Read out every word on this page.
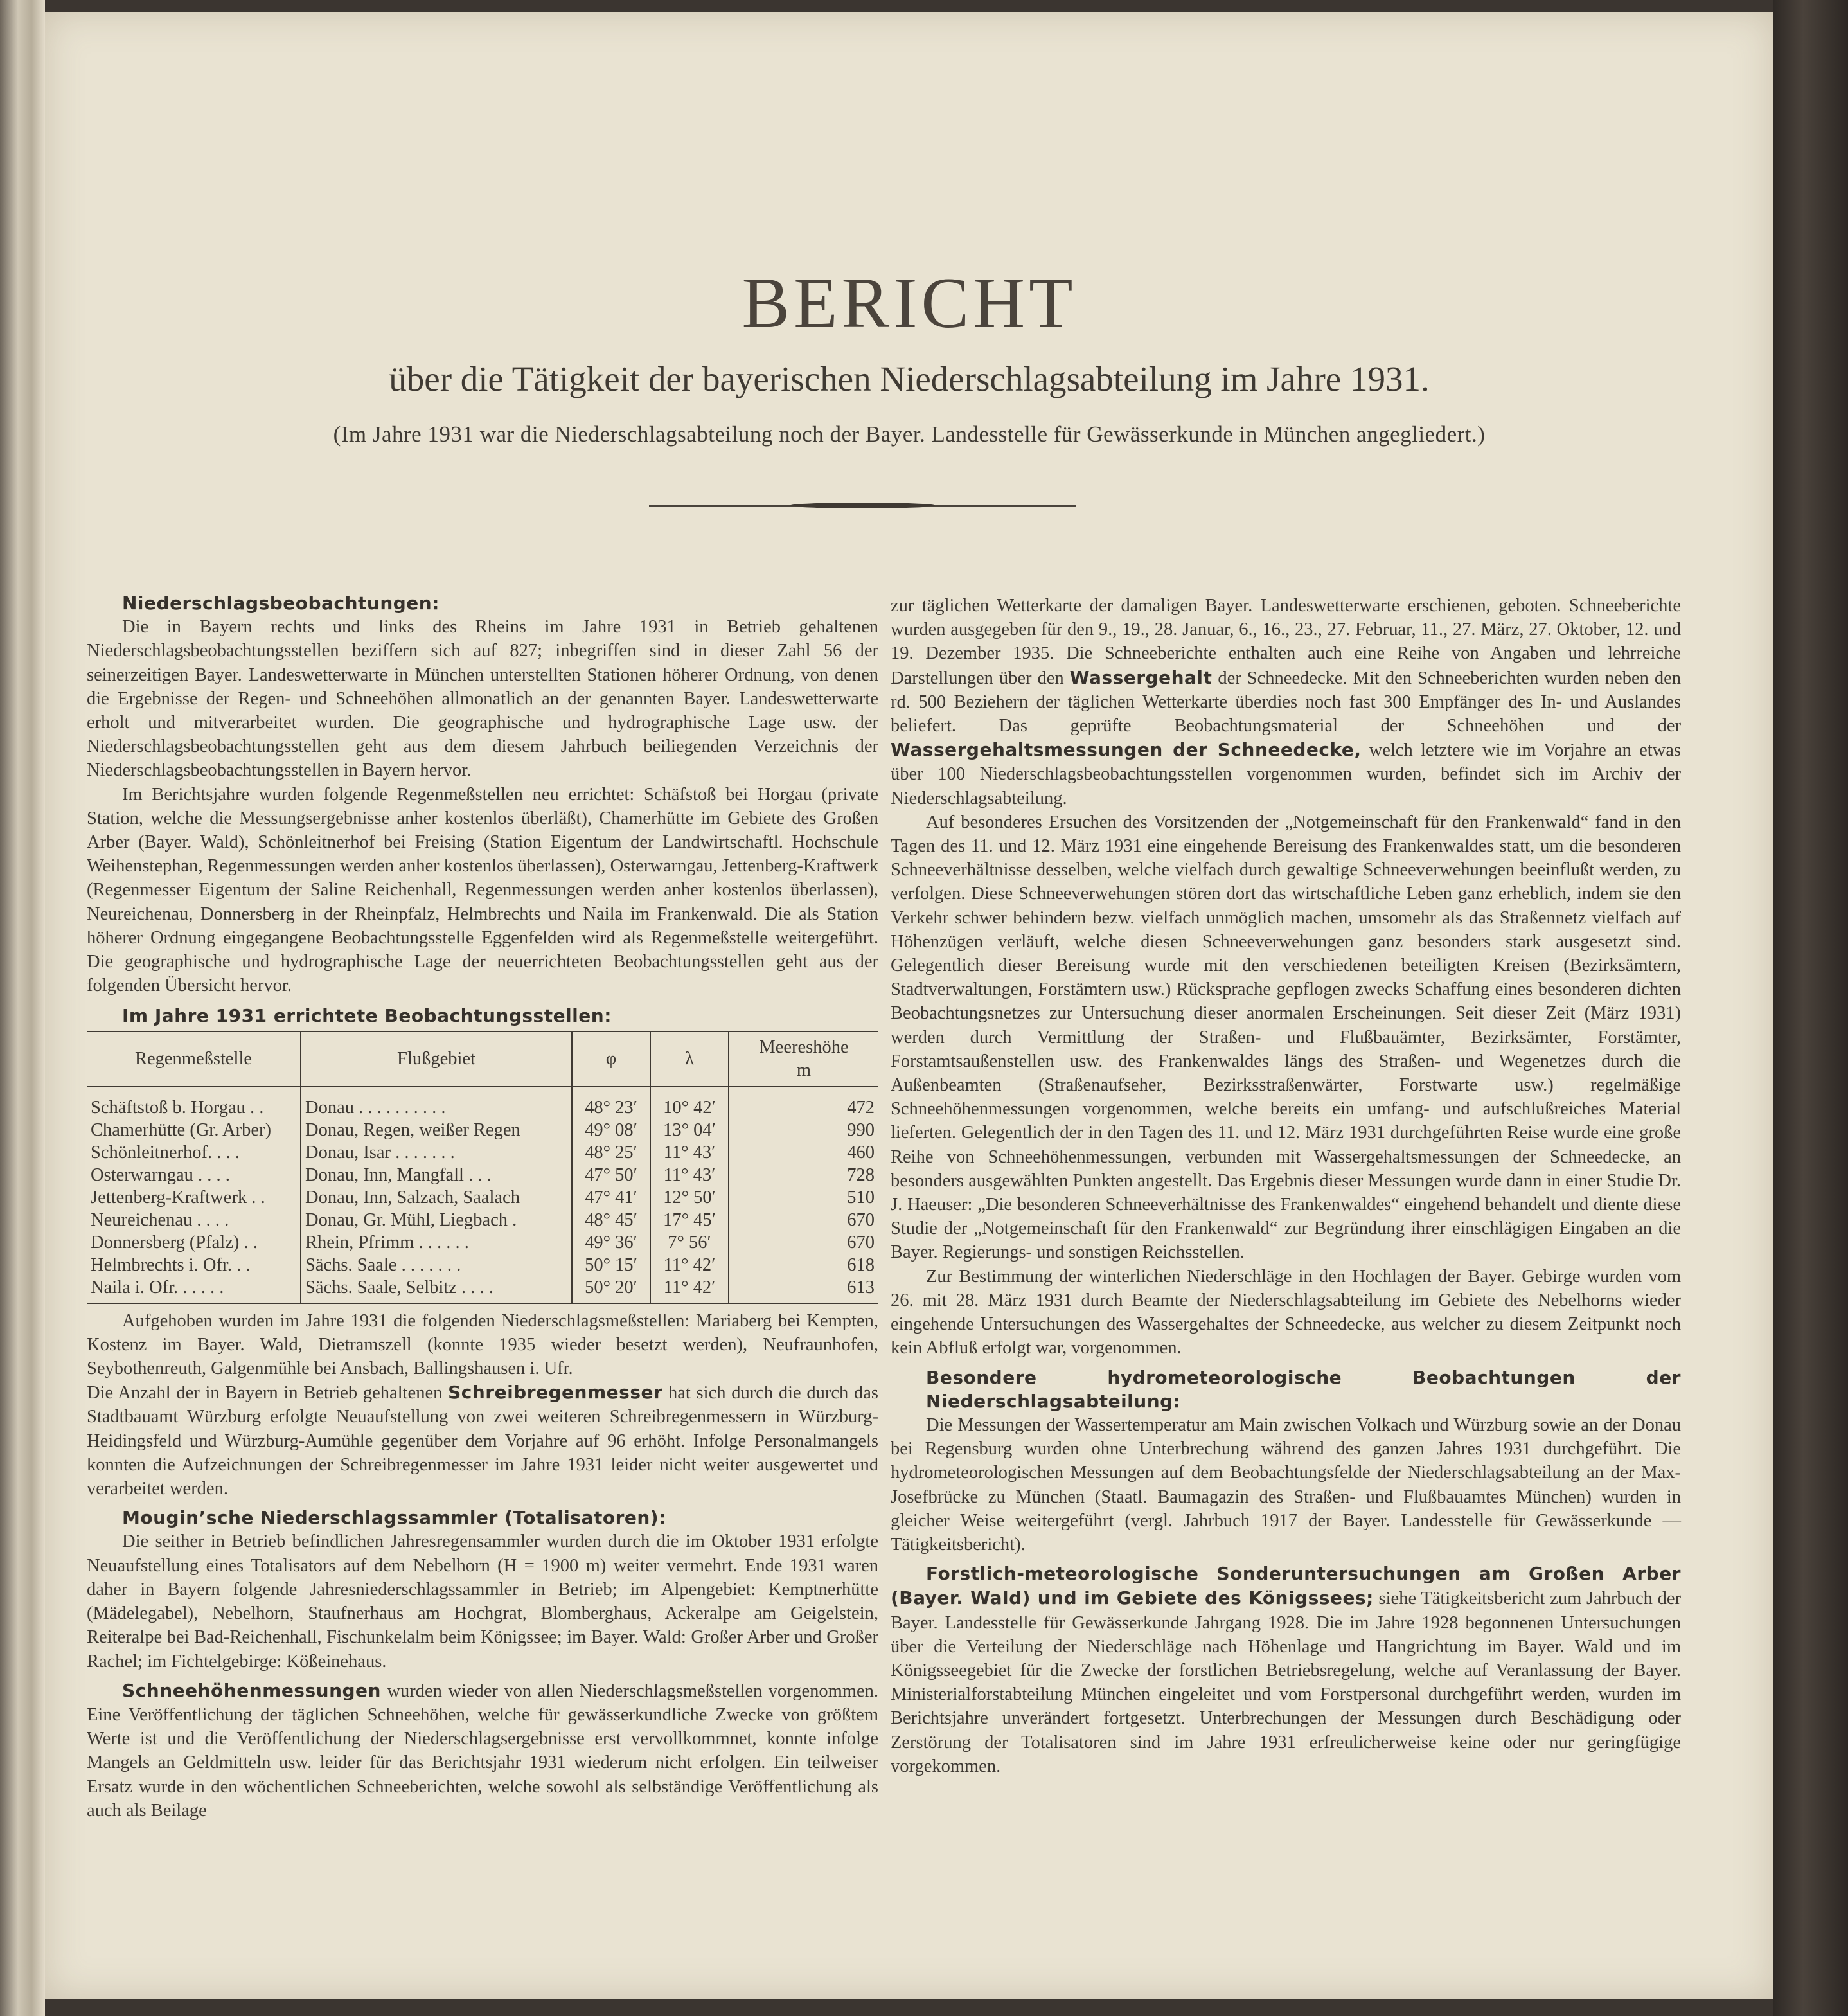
BERICHT
über die Tätigkeit der bayerischen Niederschlagsabteilung im Jahre 1931.
(Im Jahre 1931 war die Niederschlagsabteilung noch der Bayer. Landesstelle für Gewässerkunde in München angegliedert.)
Niederschlagsbeobachtungen:

Die in Bayern rechts und links des Rheins im Jahre 1931 in Betrieb gehaltenen Niederschlagsbeobachtungsstellen beziffern sich auf 827; inbegriffen sind in dieser Zahl 56 der seinerzeitigen Bayer. Landeswetterwarte in München unterstellten Stationen höherer Ordnung, von denen die Ergebnisse der Regen- und Schneehöhen allmonatlich an der genannten Bayer. Landeswetterwarte erholt und mitverarbeitet wurden. Die geographische und hydrographische Lage usw. der Niederschlagsbeobachtungsstellen geht aus dem diesem Jahrbuch beiliegenden Verzeichnis der Niederschlagsbeobachtungsstellen in Bayern hervor.

Im Berichtsjahre wurden folgende Regenmeßstellen neu errichtet: Schäfstoß bei Horgau (private Station, welche die Messungsergebnisse anher kostenlos überläßt), Chamerhütte im Gebiete des Großen Arber (Bayer. Wald), Schönleitnerhof bei Freising (Station Eigentum der Landwirtschaftl. Hochschule Weihenstephan, Regenmessungen werden anher kostenlos überlassen), Osterwarngau, Jettenberg-Kraftwerk (Regenmesser Eigentum der Saline Reichenhall, Regenmessungen werden anher kostenlos überlassen), Neureichenau, Donnersberg in der Rheinpfalz, Helmbrechts und Naila im Frankenwald. Die als Station höherer Ordnung eingegangene Beobachtungsstelle Eggenfelden wird als Regenmeßstelle weitergeführt. Die geographische und hydrographische Lage der neuerrichteten Beobachtungsstellen geht aus der folgenden Übersicht hervor.

Im Jahre 1931 errichtete Beobachtungsstellen:
Regenmeßstelle	Flußgebiet	φ	λ	Meereshöhe
m
Schäftstoß b. Horgau . .	Donau . . . . . . . . . .	48° 23′	10° 42′	472
Chamerhütte (Gr. Arber)	Donau, Regen, weißer Regen	49° 08′	13° 04′	990
Schönleitnerhof. . . .	Donau, Isar . . . . . . .	48° 25′	11° 43′	460
Osterwarngau . . . .	Donau, Inn, Mangfall . . .	47° 50′	11° 43′	728
Jettenberg-Kraftwerk . .	Donau, Inn, Salzach, Saalach	47° 41′	12° 50′	510
Neureichenau . . . .	Donau, Gr. Mühl, Liegbach .	48° 45′	17° 45′	670
Donnersberg (Pfalz) . .	Rhein, Pfrimm . . . . . .	49° 36′	7° 56′	670
Helmbrechts i. Ofr. . .	Sächs. Saale . . . . . . .	50° 15′	11° 42′	618
Naila i. Ofr. . . . . .	Sächs. Saale, Selbitz . . . .	50° 20′	11° 42′	613

Aufgehoben wurden im Jahre 1931 die folgenden Niederschlagsmeßstellen: Mariaberg bei Kempten, Kostenz im Bayer. Wald, Dietramszell (konnte 1935 wieder besetzt werden), Neufraunhofen, Seybothenreuth, Galgenmühle bei Ansbach, Ballingshausen i. Ufr.

Die Anzahl der in Bayern in Betrieb gehaltenen Schreibregenmesser hat sich durch die durch das Stadtbauamt Würzburg erfolgte Neuaufstellung von zwei weiteren Schreibregenmessern in Würzburg-Heidingsfeld und Würzburg-Aumühle gegenüber dem Vorjahre auf 96 erhöht. Infolge Personalmangels konnten die Aufzeichnungen der Schreibregenmesser im Jahre 1931 leider nicht weiter ausgewertet und verarbeitet werden.

Mougin’sche Niederschlagssammler (Totalisatoren):

Die seither in Betrieb befindlichen Jahresregensammler wurden durch die im Oktober 1931 erfolgte Neuaufstellung eines Totalisators auf dem Nebelhorn (H = 1900 m) weiter vermehrt. Ende 1931 waren daher in Bayern folgende Jahresniederschlagssammler in Betrieb; im Alpengebiet: Kemptnerhütte (Mädelegabel), Nebelhorn, Staufnerhaus am Hochgrat, Blomberghaus, Ackeralpe am Geigelstein, Reiteralpe bei Bad-Reichenhall, Fischunkelalm beim Königssee; im Bayer. Wald: Großer Arber und Großer Rachel; im Fichtelgebirge: Kößeinehaus.

Schneehöhenmessungen wurden wieder von allen Niederschlagsmeßstellen vorgenommen. Eine Veröffentlichung der täglichen Schneehöhen, welche für gewässerkundliche Zwecke von größtem Werte ist und die Veröffentlichung der Niederschlagsergebnisse erst vervollkommnet, konnte infolge Mangels an Geldmitteln usw. leider für das Berichtsjahr 1931 wiederum nicht erfolgen. Ein teilweiser Ersatz wurde in den wöchentlichen Schneeberichten, welche sowohl als selbständige Veröffentlichung als auch als Beilage

zur täglichen Wetterkarte der damaligen Bayer. Landeswetterwarte erschienen, geboten. Schneeberichte wurden ausgegeben für den 9., 19., 28. Januar, 6., 16., 23., 27. Februar, 11., 27. März, 27. Oktober, 12. und 19. Dezember 1935. Die Schneeberichte enthalten auch eine Reihe von Angaben und lehrreiche Darstellungen über den Wassergehalt der Schneedecke. Mit den Schneeberichten wurden neben den rd. 500 Beziehern der täglichen Wetterkarte überdies noch fast 300 Empfänger des In- und Auslandes beliefert. Das geprüfte Beobachtungsmaterial der Schneehöhen und der Wassergehaltsmessungen der Schneedecke, welch letztere wie im Vorjahre an etwas über 100 Niederschlagsbeobachtungsstellen vorgenommen wurden, befindet sich im Archiv der Niederschlagsabteilung.

Auf besonderes Ersuchen des Vorsitzenden der „Notgemeinschaft für den Frankenwald“ fand in den Tagen des 11. und 12. März 1931 eine eingehende Bereisung des Frankenwaldes statt, um die besonderen Schneeverhältnisse desselben, welche vielfach durch gewaltige Schneeverwehungen beeinflußt werden, zu verfolgen. Diese Schneeverwehungen stören dort das wirtschaftliche Leben ganz erheblich, indem sie den Verkehr schwer behindern bezw. vielfach unmöglich machen, umsomehr als das Straßennetz vielfach auf Höhenzügen verläuft, welche diesen Schneeverwehungen ganz besonders stark ausgesetzt sind. Gelegentlich dieser Bereisung wurde mit den verschiedenen beteiligten Kreisen (Bezirksämtern, Stadtverwaltungen, Forstämtern usw.) Rücksprache gepflogen zwecks Schaffung eines besonderen dichten Beobachtungsnetzes zur Untersuchung dieser anormalen Erscheinungen. Seit dieser Zeit (März 1931) werden durch Vermittlung der Straßen- und Flußbauämter, Bezirksämter, Forstämter, Forstamtsaußenstellen usw. des Frankenwaldes längs des Straßen- und Wegenetzes durch die Außenbeamten (Straßenaufseher, Bezirksstraßenwärter, Forstwarte usw.) regelmäßige Schneehöhenmessungen vorgenommen, welche bereits ein umfang- und aufschlußreiches Material lieferten. Gelegentlich der in den Tagen des 11. und 12. März 1931 durchgeführten Reise wurde eine große Reihe von Schneehöhenmessungen, verbunden mit Wassergehaltsmessungen der Schneedecke, an besonders ausgewählten Punkten angestellt. Das Ergebnis dieser Messungen wurde dann in einer Studie Dr. J. Haeuser: „Die besonderen Schneeverhältnisse des Frankenwaldes“ eingehend behandelt und diente diese Studie der „Notgemeinschaft für den Frankenwald“ zur Begründung ihrer einschlägigen Eingaben an die Bayer. Regierungs- und sonstigen Reichsstellen.

Zur Bestimmung der winterlichen Niederschläge in den Hochlagen der Bayer. Gebirge wurden vom 26. mit 28. März 1931 durch Beamte der Niederschlagsabteilung im Gebiete des Nebelhorns wieder eingehende Untersuchungen des Wassergehaltes der Schneedecke, aus welcher zu diesem Zeitpunkt noch kein Abfluß erfolgt war, vorgenommen.

Besondere hydrometeorologische Beobachtungen der Niederschlagsabteilung:

Die Messungen der Wassertemperatur am Main zwischen Volkach und Würzburg sowie an der Donau bei Regensburg wurden ohne Unterbrechung während des ganzen Jahres 1931 durchgeführt. Die hydrometeorologischen Messungen auf dem Beobachtungsfelde der Niederschlagsabteilung an der Max-Josefbrücke zu München (Staatl. Baumagazin des Straßen- und Flußbauamtes München) wurden in gleicher Weise weitergeführt (vergl. Jahrbuch 1917 der Bayer. Landesstelle für Gewässerkunde — Tätigkeitsbericht).

Forstlich-meteorologische Sonderuntersuchungen am Großen Arber (Bayer. Wald) und im Gebiete des Königssees; siehe Tätigkeitsbericht zum Jahrbuch der Bayer. Landesstelle für Gewässerkunde Jahrgang 1928. Die im Jahre 1928 begonnenen Untersuchungen über die Verteilung der Niederschläge nach Höhenlage und Hangrichtung im Bayer. Wald und im Königsseegebiet für die Zwecke der forstlichen Betriebsregelung, welche auf Veranlassung der Bayer. Ministerialforstabteilung München eingeleitet und vom Forstpersonal durchgeführt werden, wurden im Berichtsjahre unverändert fortgesetzt. Unterbrechungen der Messungen durch Beschädigung oder Zerstörung der Totalisatoren sind im Jahre 1931 erfreulicherweise keine oder nur geringfügige vorgekommen.
